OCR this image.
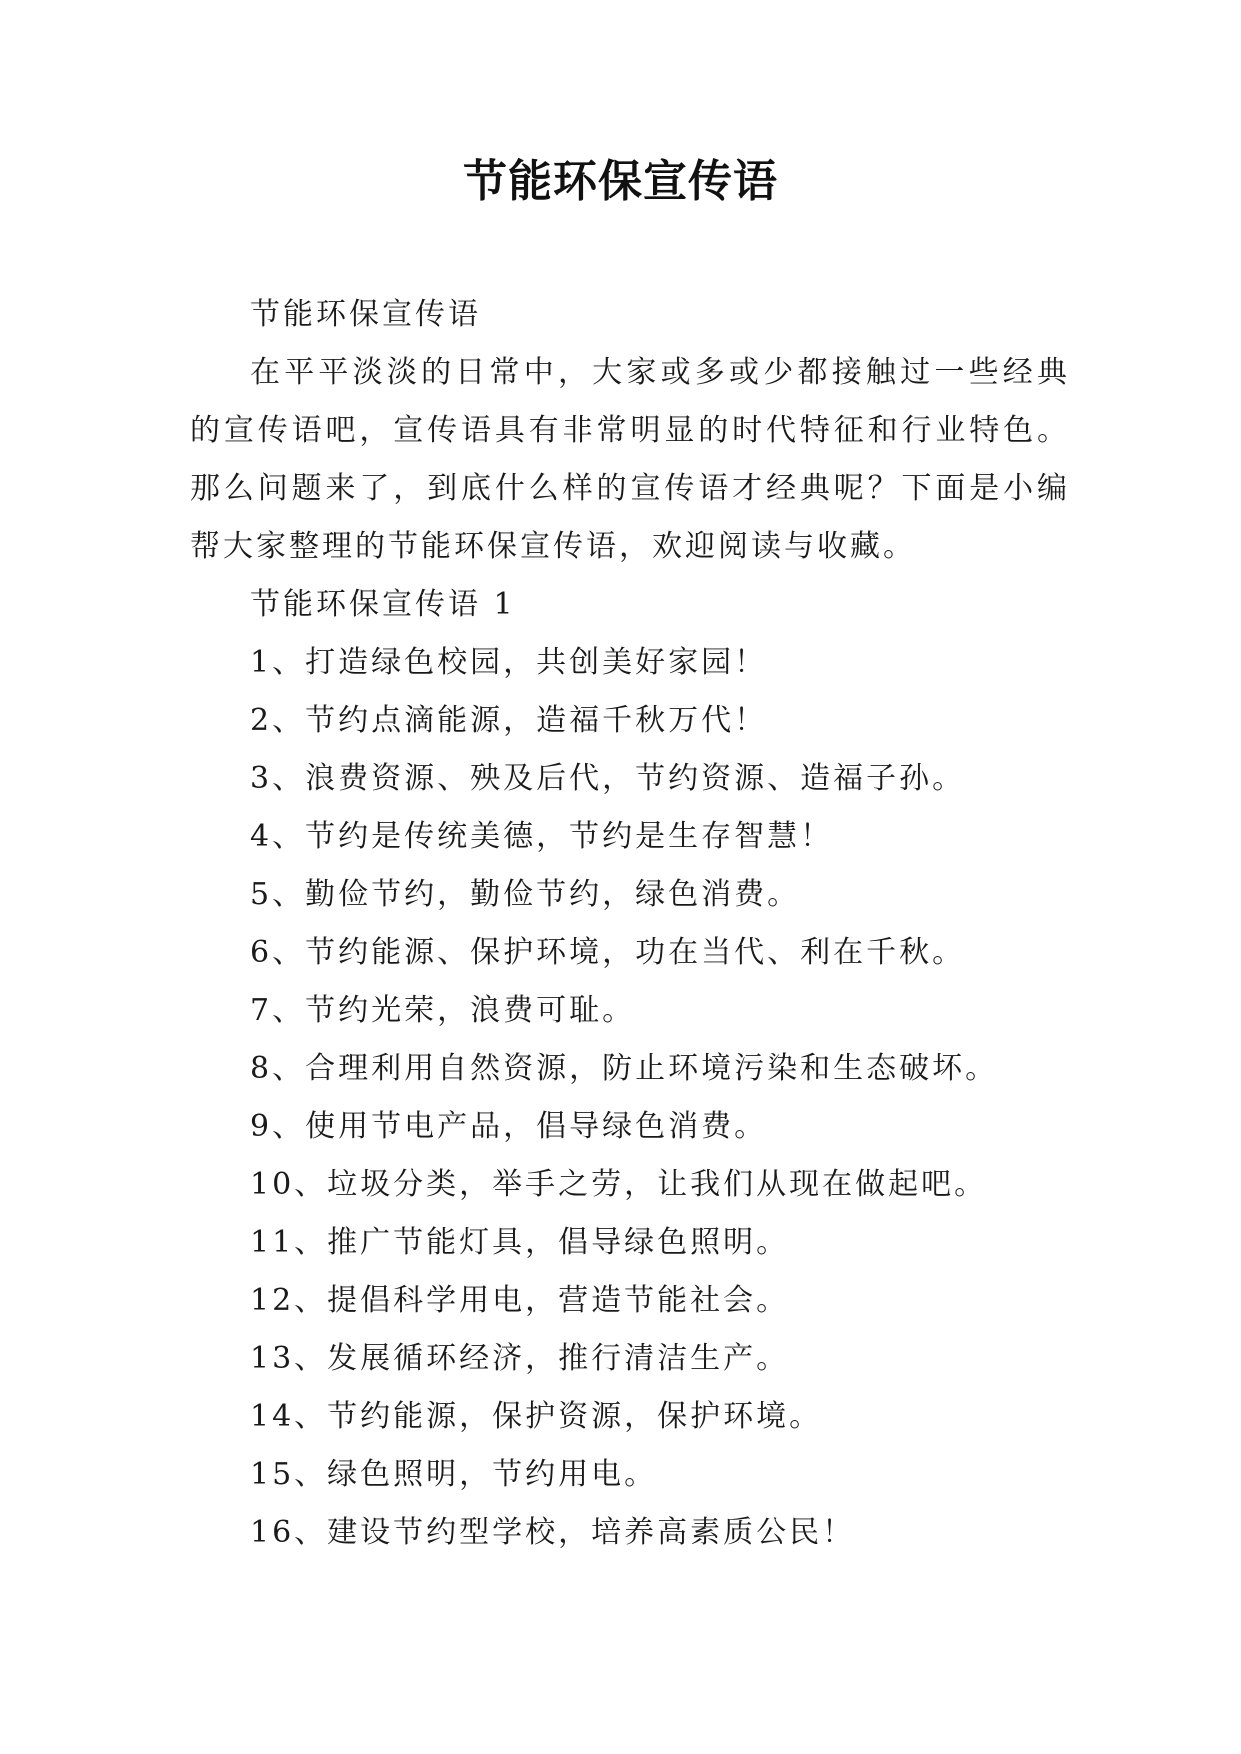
节能环保宣传语

节能环保宣传语

在平平淡淡的日常中，大家或多或少都接触过一些经典的宣传语吧，宣传语具有非常明显的时代特征和行业特色。那么问题来了，到底什么样的宣传语才经典呢？下面是小编帮大家整理的节能环保宣传语，欢迎阅读与收藏。

节能环保宣传语 1

1、打造绿色校园，共创美好家园！

2、节约点滴能源，造福千秋万代！

3、浪费资源、殃及后代，节约资源、造福子孙。

4、节约是传统美德，节约是生存智慧！

5、勤俭节约，勤俭节约，绿色消费。

6、节约能源、保护环境，功在当代、利在千秋。

7、节约光荣，浪费可耻。

8、合理利用自然资源，防止环境污染和生态破坏。

9、使用节电产品，倡导绿色消费。

10、垃圾分类，举手之劳，让我们从现在做起吧。

11、推广节能灯具，倡导绿色照明。

12、提倡科学用电，营造节能社会。

13、发展循环经济，推行清洁生产。

14、节约能源，保护资源，保护环境。

15、绿色照明，节约用电。

16、建设节约型学校，培养高素质公民！
